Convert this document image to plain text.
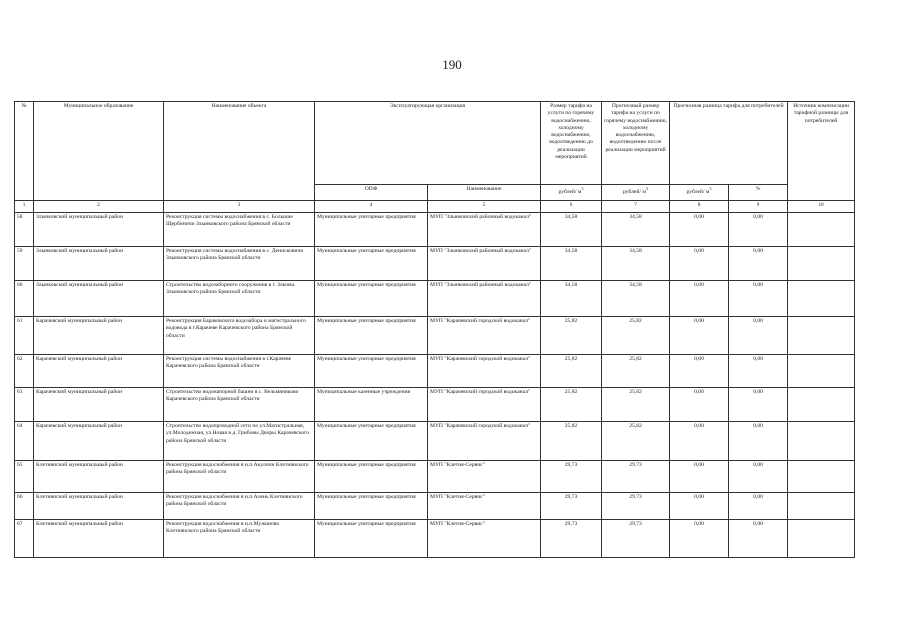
190
№	Муниципальное образование	Наименование объекта	Эксплуатирующая организация		Размер тарифа на услуги по горячему водоснабжению, холодному водоснабжению, водоотведению до реализации мероприятий	Прогнозный размер тарифа на услуги по горячему водоснабжению, холодному водоснабжению, водоотведению после реализации мероприятий	Прогнозная разница тарифа для потребителей		Источник компенсации тарифной разницы для потребителей
			ОПФ	Наименование	рублей/ $м^3$	рублей/ $м^3$	рублей/ $м^3$	%	
1	2	3	4	5	6	7	8	9	10
58	Злынковский муниципальный район	Реконструкция системы водоснабжения в с. Большие Щербиничи Злынковского района Брянской области	Муниципальные унитарные предприятия	МУП "Злынковский районный водоканал"	34,58	34,58	0,00	0,00	
59	Злынковский муниципальный район	Реконструкция системы водоснабжения в с. Денисковичи Злынковского района Брянской области	Муниципальные унитарные предприятия	МУП "Злынковский районный водоканал"	34,58	34,58	0,00	0,00	
60	Злынковский муниципальный район	Строительство водозаборного сооружения в г. Злынка Злынковского района Брянской области	Муниципальные унитарные предприятия	МУП "Злынковский районный водоканал"	34,58	34,58	0,00	0,00	
61	Карачевский муниципальный район	Реконструкция Бараковского водозабора и магистрального водовода в г.Карачеве Карачевского района Брянской области	Муниципальные унитарные предприятия	МУП "Карачевский городской водоканал"	25,82	25,82	0,00	0,00	
62	Карачевский муниципальный район	Реконструкция системы водоснабжения в г.Карачеве Карачевского района Брянской области	Муниципальные унитарные предприятия	МУП "Карачевский городской водоканал"	25,82	25,82	0,00	0,00	
63	Карачевский муниципальный район	Строительство водонапорной башни в с. Вельмяниково Карачевского района Брянской области	Муниципальные казенные учреждения	МУП "Карачевский городской водоканал"	25,82	25,82	0,00	0,00	
64	Карачевский муниципальный район	Строительство водопроводной сети по ул.Магистральная, ул.Молодежная, ул.Новая в д. Грибовы Дворы Карачевского района Брянской области	Муниципальные унитарные предприятия	МУП "Карачевский городской водоканал"	25,82	25,82	0,00	0,00	
65	Клетнянский муниципальный район	Реконструкция водоснабжения в н.п.Акуличи Клетнянского района Брянской области	Муниципальные унитарные предприятия	МУП "Клетня-Сервис"	29,73	29,73	0,00	0,00	
66	Клетнянский муниципальный район	Реконструкция водоснабжения в н.п.Алень Клетнянского района Брянской области	Муниципальные унитарные предприятия	МУП "Клетня-Сервис"	29,73	29,73	0,00	0,00	
67	Клетнянский муниципальный район	Реконструкция водоснабжения в н.п.Мужиново Клетнянского района Брянской области	Муниципальные унитарные предприятия	МУП "Клетня-Сервис"	29,73	29,73	0,00	0,00	
